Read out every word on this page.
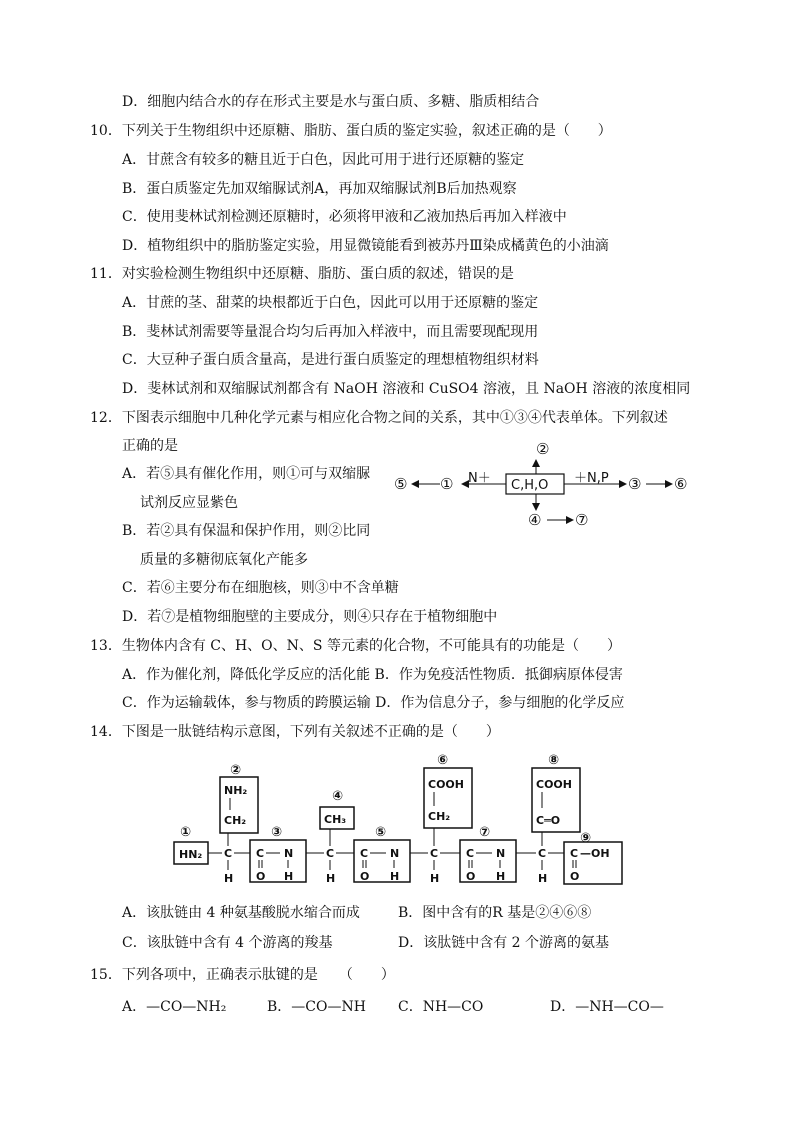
D．细胞内结合水的存在形式主要是水与蛋白质、多糖、脂质相结合
10．下列关于生物组织中还原糖、脂肪、蛋白质的鉴定实验，叙述正确的是（　　）
A．甘蔗含有较多的糖且近于白色，因此可用于进行还原糖的鉴定
B．蛋白质鉴定先加双缩脲试剂A，再加双缩脲试剂B后加热观察
C．使用斐林试剂检测还原糖时，必须将甲液和乙液加热后再加入样液中
D．植物组织中的脂肪鉴定实验，用显微镜能看到被苏丹Ⅲ染成橘黄色的小油滴
11．对实验检测生物组织中还原糖、脂肪、蛋白质的叙述，错误的是
A．甘蔗的茎、甜菜的块根都近于白色，因此可以用于还原糖的鉴定
B．斐林试剂需要等量混合均匀后再加入样液中，而且需要现配现用
C．大豆种子蛋白质含量高，是进行蛋白质鉴定的理想植物组织材料
D．斐林试剂和双缩脲试剂都含有 NaOH 溶液和 CuSO4 溶液，且 NaOH 溶液的浓度相同
12．下图表示细胞中几种化学元素与相应化合物之间的关系，其中①③④代表单体。下列叙述
正确的是
A．若⑤具有催化作用，则①可与双缩脲
试剂反应显紫色
B．若②具有保温和保护作用，则②比同
质量的多糖彻底氧化产能多
C．若⑥主要分布在细胞核，则③中不含单糖
D．若⑦是植物细胞壁的主要成分，则④只存在于植物细胞中
②
C,H,O
N＋
①
⑤	＋N,P ③ ⑥
④ ⑦
13．生物体内含有 C、H、O、N、S 等元素的化合物，不可能具有的功能是（　　）
A．作为催化剂，降低化学反应的活化能 B．作为免疫活性物质．抵御病原体侵害
C．作为运输载体，参与物质的跨膜运输 D．作为信息分子，参与细胞的化学反应
14．下图是一肽链结构示意图，下列有关叙述不正确的是（　　）
①
②
③
④
⑤
⑥
⑦
⑧
⑨
HN₂ C
H
NH₂
CH₂
C
O
N
H
C
H
CH₃
C
O
N
H
C
H
COOH
CH₂
C
O
N
H
C
H
COOH
C═O
C —OH
O
A．该肽链由 4 种氨基酸脱水缩合而成	B．图中含有的R 基是②④⑥⑧
C．该肽链中含有 4 个游离的羧基	D．该肽链中含有 2 个游离的氨基
15．下列各项中，正确表示肽键的是　　（　　）
A．—CO—NH₂	B．—CO—NH C．NH—CO	D．—NH—CO—
